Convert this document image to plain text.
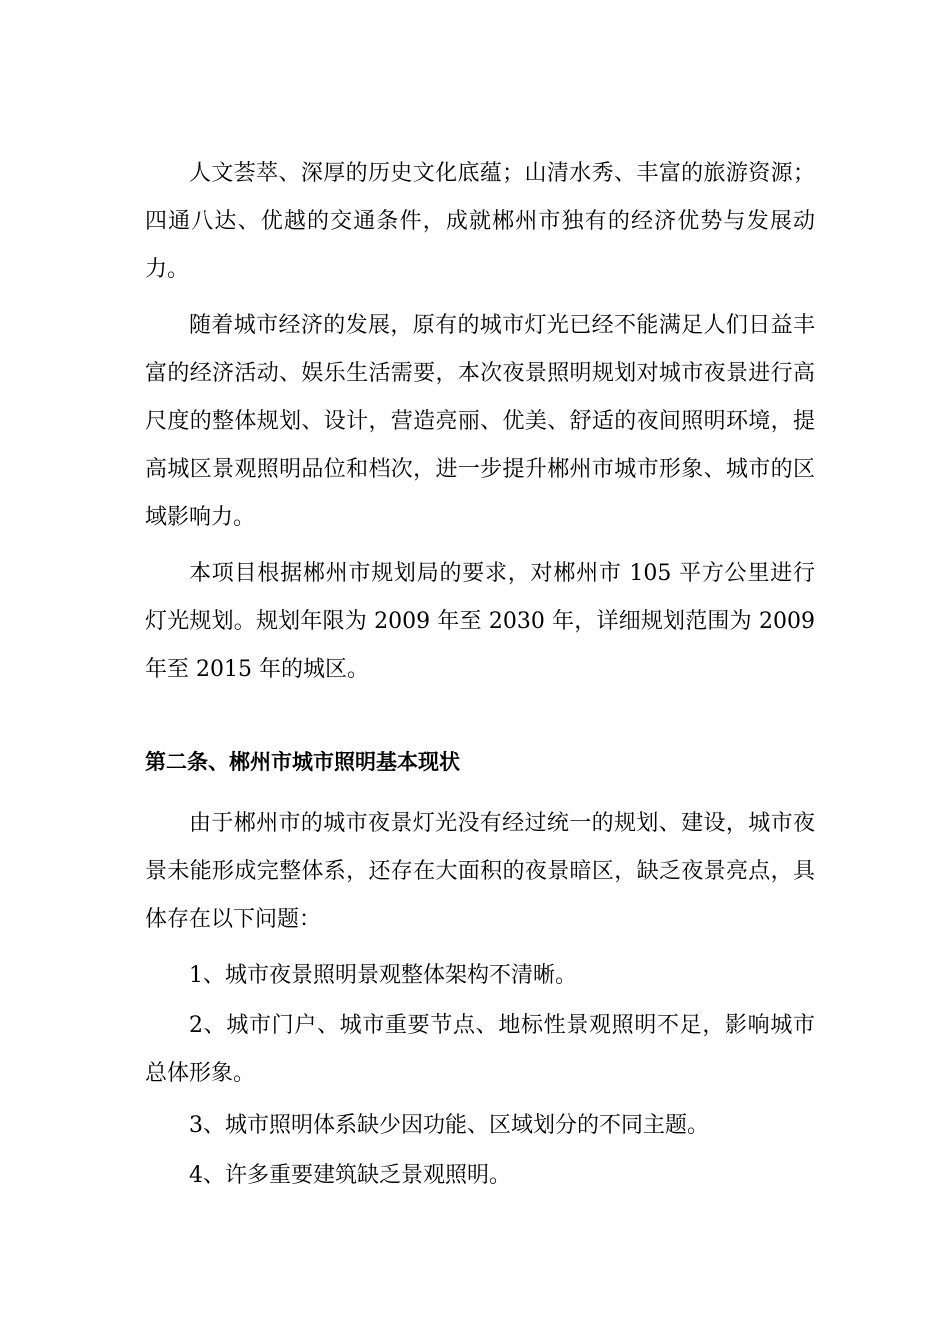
人文荟萃、深厚的历史文化底蕴；山清水秀、丰富的旅游资源；四通八达、优越的交通条件，成就郴州市独有的经济优势与发展动力。

随着城市经济的发展，原有的城市灯光已经不能满足人们日益丰富的经济活动、娱乐生活需要，本次夜景照明规划对城市夜景进行高尺度的整体规划、设计，营造亮丽、优美、舒适的夜间照明环境，提高城区景观照明品位和档次，进一步提升郴州市城市形象、城市的区域影响力。

本项目根据郴州市规划局的要求，对郴州市 105 平方公里进行灯光规划。规划年限为 2009 年至 2030 年，详细规划范围为 2009 年至 2015 年的城区。

第二条、郴州市城市照明基本现状

由于郴州市的城市夜景灯光没有经过统一的规划、建设，城市夜景未能形成完整体系，还存在大面积的夜景暗区，缺乏夜景亮点，具体存在以下问题：

1、城市夜景照明景观整体架构不清晰。

2、城市门户、城市重要节点、地标性景观照明不足，影响城市总体形象。

3、城市照明体系缺少因功能、区域划分的不同主题。

4、许多重要建筑缺乏景观照明。
